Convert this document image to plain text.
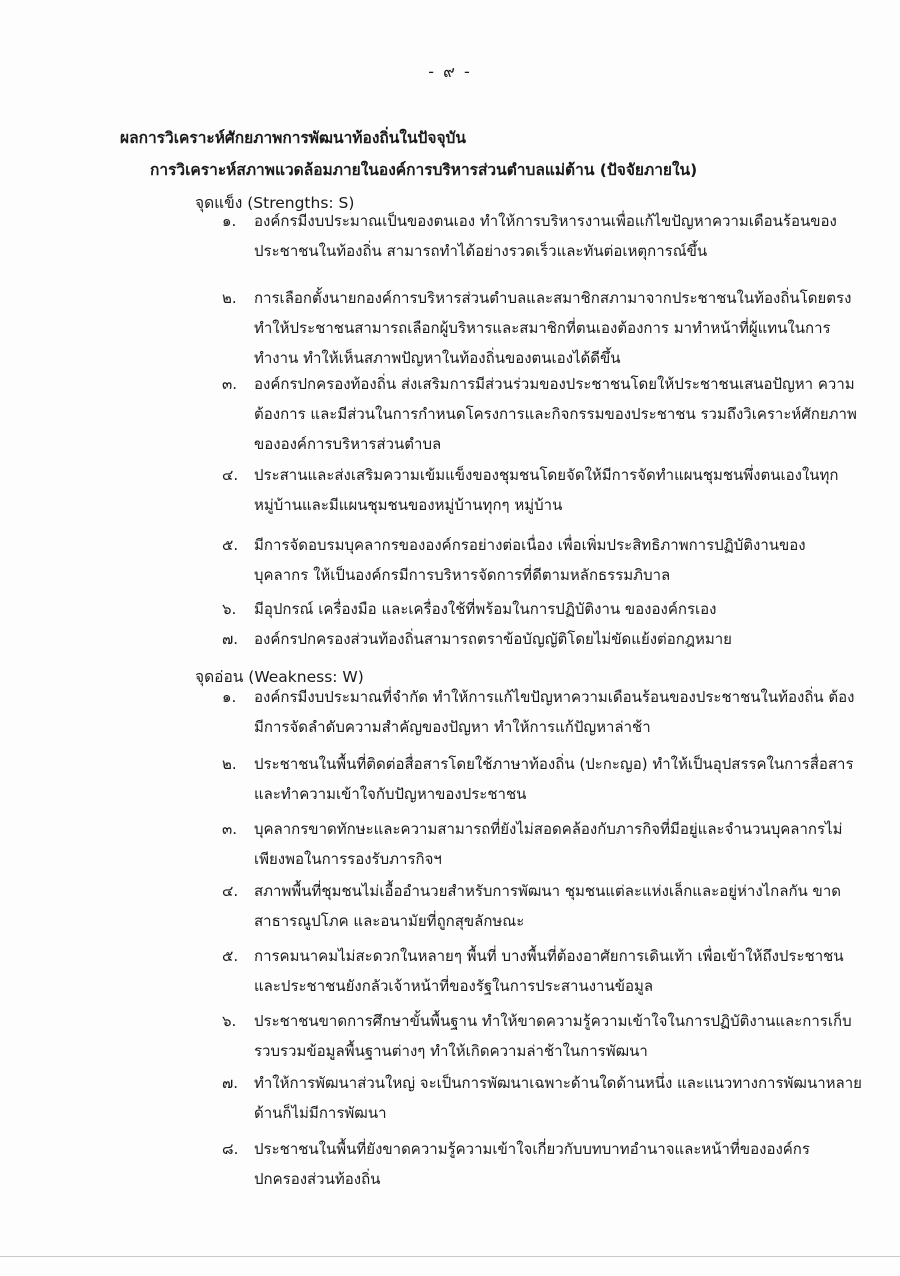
- ๙ -
ผลการวิเคราะห์ศักยภาพการพัฒนาท้องถิ่นในปัจจุบัน
การวิเคราะห์สภาพแวดล้อมภายในองค์การบริหารส่วนตำบลแม่ต้าน (ปัจจัยภายใน)
จุดแข็ง (Strengths: S)
๑.	องค์กรมีงบประมาณเป็นของตนเอง ทำให้การบริหารงานเพื่อแก้ไขปัญหาความเดือนร้อนของ
ประชาชนในท้องถิ่น สามารถทำได้อย่างรวดเร็วและทันต่อเหตุการณ์ขึ้น
๒.	การเลือกตั้งนายกองค์การบริหารส่วนตำบลและสมาชิกสภามาจากประชาชนในท้องถิ่นโดยตรง
ทำให้ประชาชนสามารถเลือกผู้บริหารและสมาชิกที่ตนเองต้องการ มาทำหน้าที่ผู้แทนในการ
ทำงาน ทำให้เห็นสภาพปัญหาในท้องถิ่นของตนเองได้ดีขึ้น
๓.	องค์กรปกครองท้องถิ่น ส่งเสริมการมีส่วนร่วมของประชาชนโดยให้ประชาชนเสนอปัญหา ความ
ต้องการ และมีส่วนในการกำหนดโครงการและกิจกรรมของประชาชน รวมถึงวิเคราะห์ศักยภาพ
ขององค์การบริหารส่วนตำบล
๔.	ประสานและส่งเสริมความเข้มแข็งของชุมชนโดยจัดให้มีการจัดทำแผนชุมชนพึ่งตนเองในทุก
หมู่บ้านและมีแผนชุมชนของหมู่บ้านทุกๆ หมู่บ้าน
๕.	มีการจัดอบรมบุคลากรขององค์กรอย่างต่อเนื่อง เพื่อเพิ่มประสิทธิภาพการปฏิบัติงานของ
บุคลากร ให้เป็นองค์กรมีการบริหารจัดการที่ดีตามหลักธรรมภิบาล
๖.	มีอุปกรณ์ เครื่องมือ และเครื่องใช้ที่พร้อมในการปฏิบัติงาน ขององค์กรเอง
๗.	องค์กรปกครองส่วนท้องถิ่นสามารถตราข้อบัญญัติโดยไม่ขัดแย้งต่อกฎหมาย
จุดอ่อน (Weakness: W)
๑.	องค์กรมีงบประมาณที่จำกัด ทำให้การแก้ไขปัญหาความเดือนร้อนของประชาชนในท้องถิ่น ต้อง
มีการจัดลำดับความสำคัญของปัญหา ทำให้การแก้ปัญหาล่าช้า
๒.	ประชาชนในพื้นที่ติดต่อสื่อสารโดยใช้ภาษาท้องถิ่น (ปะกะญอ) ทำให้เป็นอุปสรรคในการสื่อสาร
และทำความเข้าใจกับปัญหาของประชาชน
๓.	บุคลากรขาดทักษะและความสามารถที่ยังไม่สอดคล้องกับภารกิจที่มีอยู่และจำนวนบุคลากรไม่
เพียงพอในการรองรับภารกิจฯ
๔.	สภาพพื้นที่ชุมชนไม่เอื้ออำนวยสำหรับการพัฒนา ชุมชนแต่ละแห่งเล็กและอยู่ห่างไกลกัน ขาด
สาธารณูปโภค และอนามัยที่ถูกสุขลักษณะ
๕.	การคมนาคมไม่สะดวกในหลายๆ พื้นที่ บางพื้นที่ต้องอาศัยการเดินเท้า เพื่อเข้าให้ถึงประชาชน
และประชาชนยังกลัวเจ้าหน้าที่ของรัฐในการประสานงานข้อมูล
๖.	ประชาชนขาดการศึกษาขั้นพื้นฐาน ทำให้ขาดความรู้ความเข้าใจในการปฏิบัติงานและการเก็บ
รวบรวมข้อมูลพื้นฐานต่างๆ ทำให้เกิดความล่าช้าในการพัฒนา
๗.	ทำให้การพัฒนาส่วนใหญ่ จะเป็นการพัฒนาเฉพาะด้านใดด้านหนึ่ง และแนวทางการพัฒนาหลาย
ด้านก็ไม่มีการพัฒนา
๘.	ประชาชนในพื้นที่ยังขาดความรู้ความเข้าใจเกี่ยวกับบทบาทอำนาจและหน้าที่ขององค์กร
ปกครองส่วนท้องถิ่น
